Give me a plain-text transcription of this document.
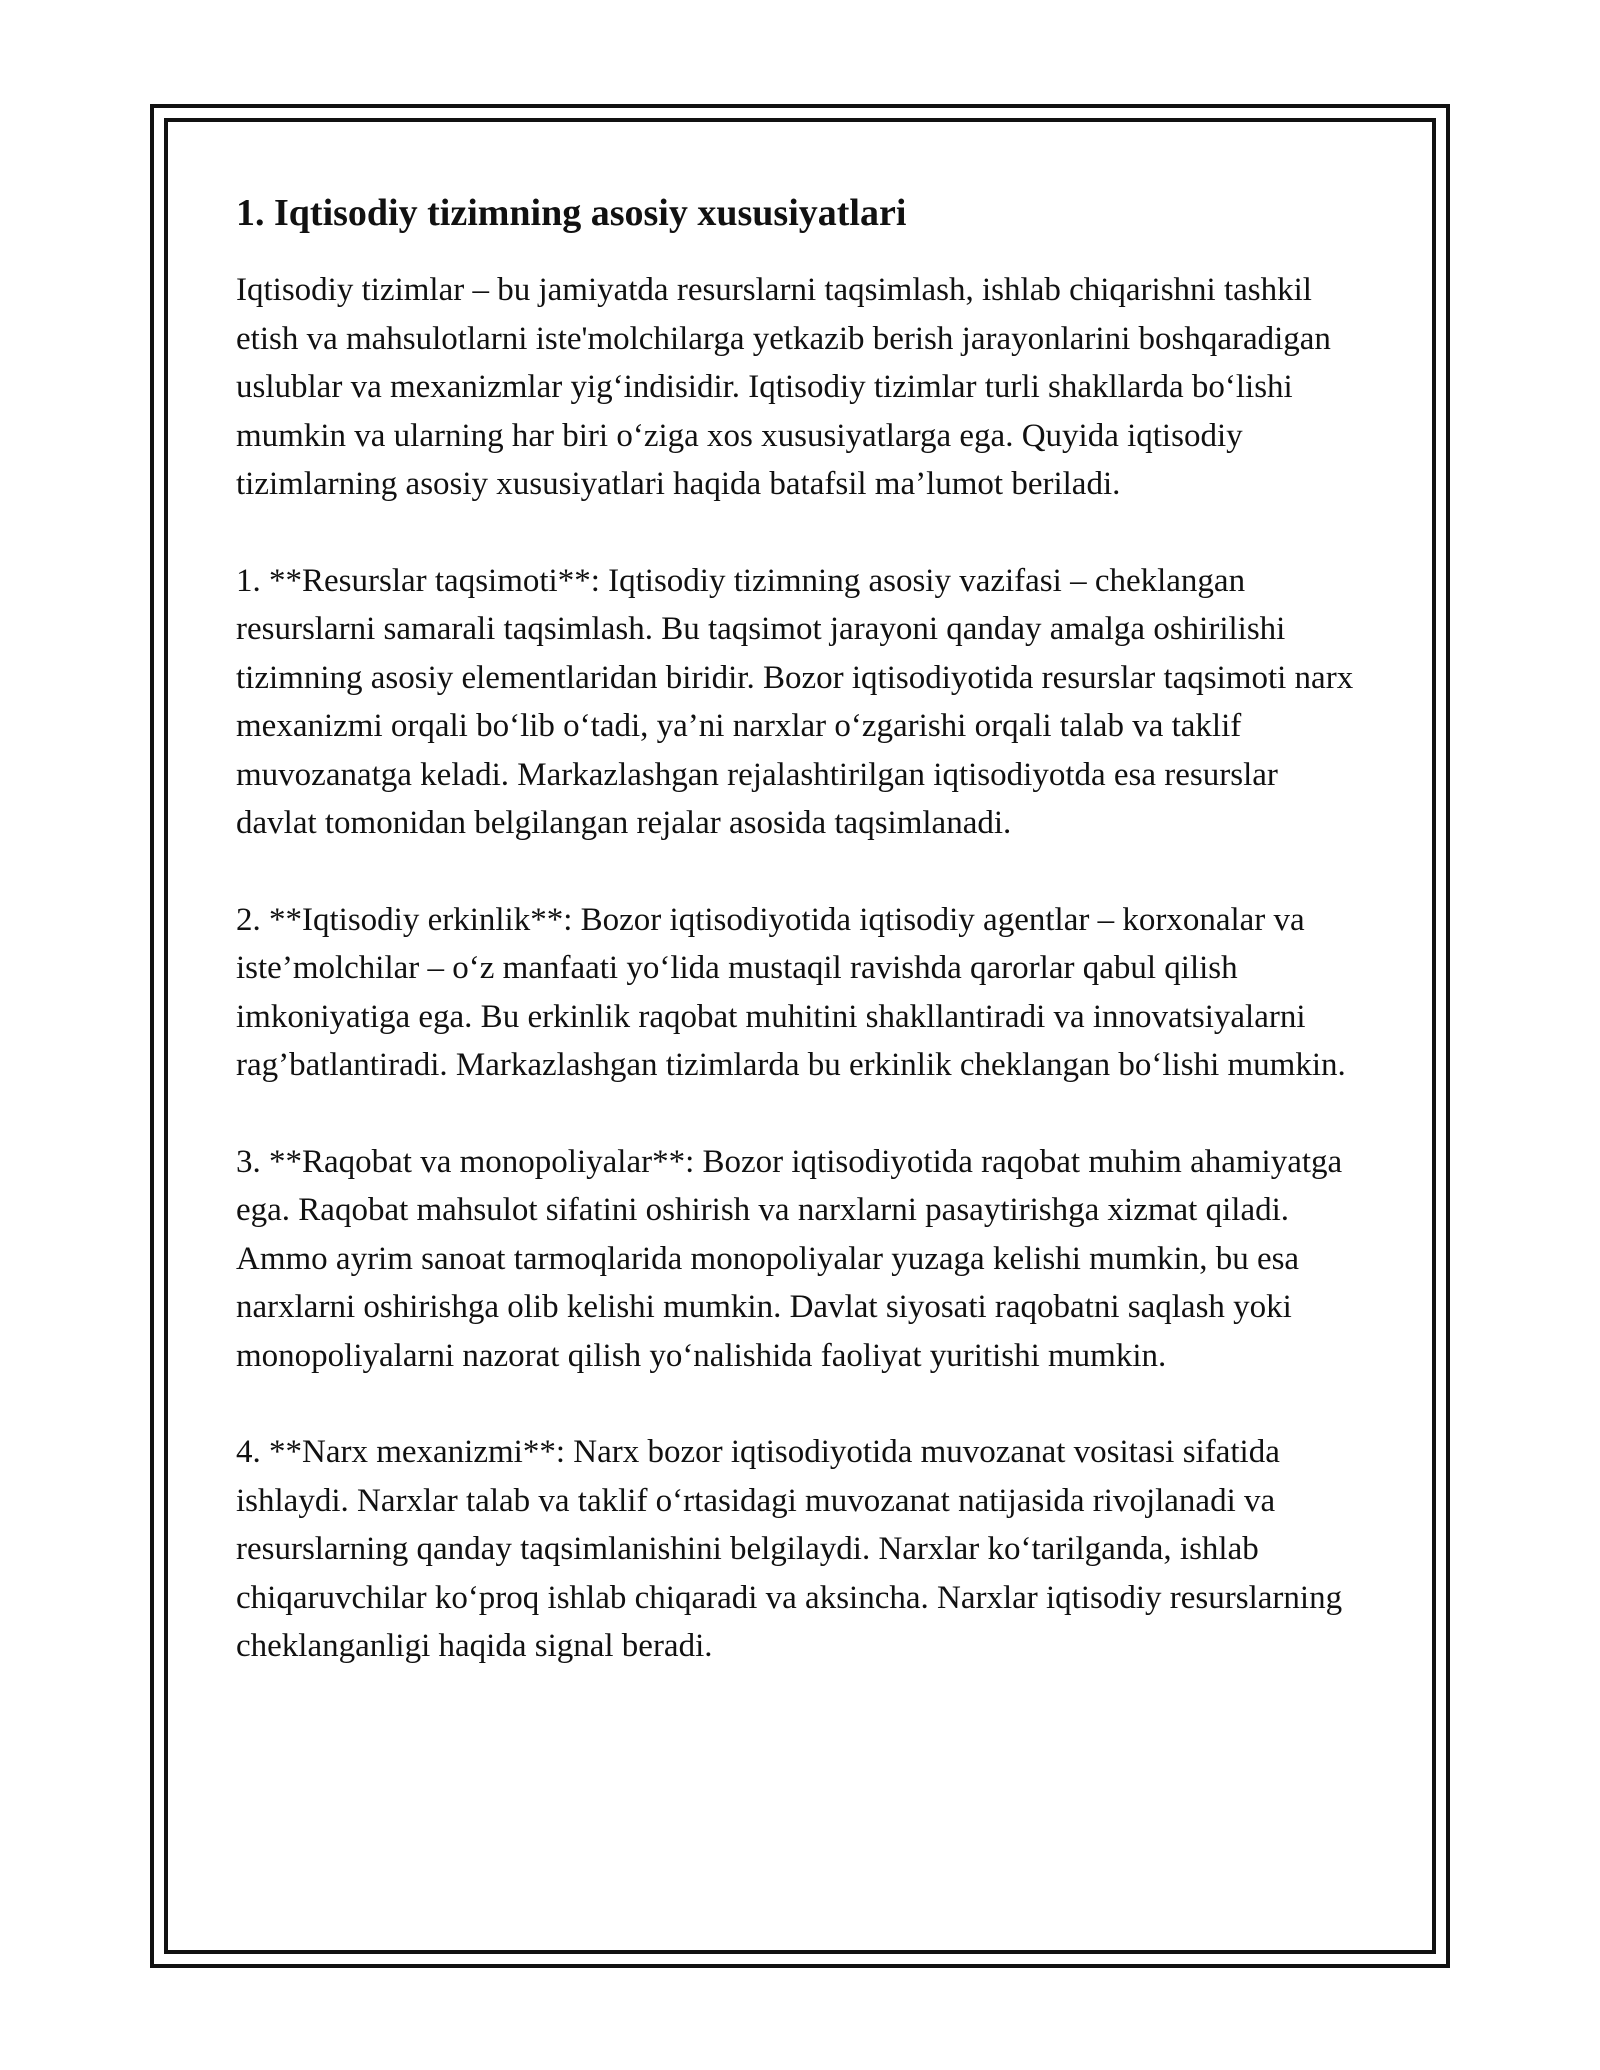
1. Iqtisodiy tizimning asosiy xususiyatlari

Iqtisodiy tizimlar – bu jamiyatda resurslarni taqsimlash, ishlab chiqarishni tashkil etish va mahsulotlarni iste'molchilarga yetkazib berish jarayonlarini boshqaradigan uslublar va mexanizmlar yig‘indisidir. Iqtisodiy tizimlar turli shakllarda bo‘lishi mumkin va ularning har biri o‘ziga xos xususiyatlarga ega. Quyida iqtisodiy tizimlarning asosiy xususiyatlari haqida batafsil ma’lumot beriladi.

1. **Resurslar taqsimoti**: Iqtisodiy tizimning asosiy vazifasi – cheklangan resurslarni samarali taqsimlash. Bu taqsimot jarayoni qanday amalga oshirilishi tizimning asosiy elementlaridan biridir. Bozor iqtisodiyotida resurslar taqsimoti narx mexanizmi orqali bo‘lib o‘tadi, ya’ni narxlar o‘zgarishi orqali talab va taklif muvozanatga keladi. Markazlashgan rejalashtirilgan iqtisodiyotda esa resurslar davlat tomonidan belgilangan rejalar asosida taqsimlanadi.

2. **Iqtisodiy erkinlik**: Bozor iqtisodiyotida iqtisodiy agentlar – korxonalar va iste’molchilar – o‘z manfaati yo‘lida mustaqil ravishda qarorlar qabul qilish imkoniyatiga ega. Bu erkinlik raqobat muhitini shakllantiradi va innovatsiyalarni rag’batlantiradi. Markazlashgan tizimlarda bu erkinlik cheklangan bo‘lishi mumkin.

3. **Raqobat va monopoliyalar**: Bozor iqtisodiyotida raqobat muhim ahamiyatga ega. Raqobat mahsulot sifatini oshirish va narxlarni pasaytirishga xizmat qiladi. Ammo ayrim sanoat tarmoqlarida monopoliyalar yuzaga kelishi mumkin, bu esa narxlarni oshirishga olib kelishi mumkin. Davlat siyosati raqobatni saqlash yoki monopoliyalarni nazorat qilish yo‘nalishida faoliyat yuritishi mumkin.

4. **Narx mexanizmi**: Narx bozor iqtisodiyotida muvozanat vositasi sifatida ishlaydi. Narxlar talab va taklif o‘rtasidagi muvozanat natijasida rivojlanadi va resurslarning qanday taqsimlanishini belgilaydi. Narxlar ko‘tarilganda, ishlab chiqaruvchilar ko‘proq ishlab chiqaradi va aksincha. Narxlar iqtisodiy resurslarning cheklanganligi haqida signal beradi.
